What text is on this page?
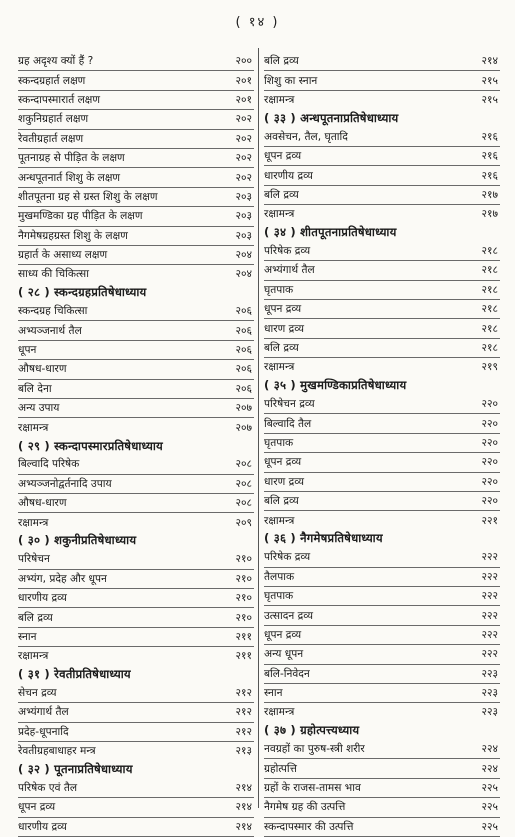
( १४ )
ग्रह अदृश्य क्यों हैं ?	२००
स्कन्दग्रहार्त लक्षण	२०१
स्कन्दापस्मारार्त लक्षण	२०१
शकुनिग्रहार्त लक्षण	२०२
रेवतीग्रहार्त लक्षण	२०२
पूतनाग्रह से पीड़ित के लक्षण	२०२
अन्धपूतनार्त शिशु के लक्षण	२०२
शीतपूतना ग्रह से ग्रस्त शिशु के लक्षण	२०३
मुखमण्डिका ग्रह पीड़ित के लक्षण	२०३
नैगमेषग्रहग्रस्त शिशु के लक्षण	२०३
ग्रहार्त के असाध्य लक्षण	२०४
साध्य की चिकित्सा	२०४
( २८ ) स्कन्दग्रहप्रतिषेधाध्याय
स्कन्दग्रह चिकित्सा	२०६
अभ्यञ्जनार्थ तैल	२०६
धूपन	२०६
औषध-धारण	२०६
बलि देना	२०६
अन्य उपाय	२०७
रक्षामन्त्र	२०७
( २९ ) स्कन्दापस्मारप्रतिषेधाध्याय
बिल्वादि परिषेक	२०८
अभ्यञ्जनोद्वर्तनादि उपाय	२०८
औषध-धारण	२०८
रक्षामन्त्र	२०९
( ३० ) शकुनीप्रतिषेधाध्याय
परिषेचन	२१०
अभ्यंग, प्रदेह और धूपन	२१०
धारणीय द्रव्य	२१०
बलि द्रव्य	२१०
स्नान	२११
रक्षामन्त्र	२११
( ३१ ) रेवतीप्रतिषेधाध्याय
सेचन द्रव्य	२१२
अभ्यंगार्थ तैल	२१२
प्रदेह-धूपनादि	२१२
रेवतीग्रहबाधाहर मन्त्र	२१३
( ३२ ) पूतनाप्रतिषेधाध्याय
परिषेक एवं तैल	२१४
धूपन द्रव्य	२१४
धारणीय द्रव्य	२१४
बलि द्रव्य	२१४
शिशु का स्नान	२१५
रक्षामन्त्र	२१५
( ३३ ) अन्धपूतनाप्रतिषेधाध्याय
अवसेचन, तैल, घृतादि	२१६
धूपन द्रव्य	२१६
धारणीय द्रव्य	२१६
बलि द्रव्य	२१७
रक्षामन्त्र	२१७
( ३४ ) शीतपूतनाप्रतिषेधाध्याय
परिषेक द्रव्य	२१८
अभ्यंगार्थ तैल	२१८
घृतपाक	२१८
धूपन द्रव्य	२१८
धारण द्रव्य	२१८
बलि द्रव्य	२१८
रक्षामन्त्र	२१९
( ३५ ) मुखमण्डिकाप्रतिषेधाध्याय
परिषेचन द्रव्य	२२०
बिल्वादि तैल	२२०
घृतपाक	२२०
धूपन द्रव्य	२२०
धारण द्रव्य	२२०
बलि द्रव्य	२२०
रक्षामन्त्र	२२१
( ३६ ) नैगमेषप्रतिषेधाध्याय
परिषेक द्रव्य	२२२
तैलपाक	२२२
घृतपाक	२२२
उत्सादन द्रव्य	२२२
धूपन द्रव्य	२२२
अन्य धूपन	२२२
बलि-निवेदन	२२३
स्नान	२२३
रक्षामन्त्र	२२३
( ३७ ) ग्रहोत्पत्त्यध्याय
नवग्रहों का पुरुष-स्त्री शरीर	२२४
ग्रहोत्पत्ति	२२४
ग्रहों के राजस-तामस भाव	२२५
नैगमेष ग्रह की उत्पत्ति	२२५
स्कन्दापस्मार की उत्पत्ति	२२५
